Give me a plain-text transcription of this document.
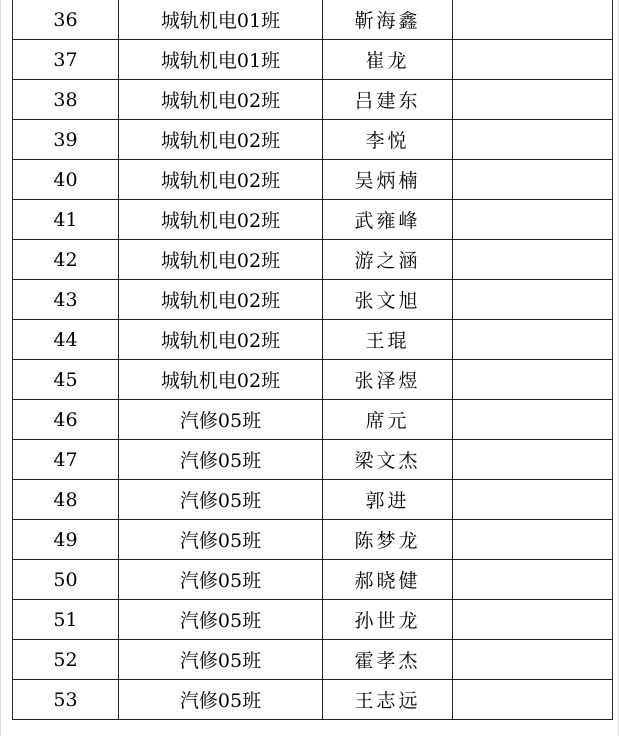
36	城轨机电01班	靳海鑫	
37	城轨机电01班	崔龙	
38	城轨机电02班	吕建东	
39	城轨机电02班	李悦	
40	城轨机电02班	吴炳楠	
41	城轨机电02班	武雍峰	
42	城轨机电02班	游之涵	
43	城轨机电02班	张文旭	
44	城轨机电02班	王琨	
45	城轨机电02班	张泽煜	
46	汽修05班	席元	
47	汽修05班	梁文杰	
48	汽修05班	郭进	
49	汽修05班	陈梦龙	
50	汽修05班	郝晓健	
51	汽修05班	孙世龙	
52	汽修05班	霍孝杰	
53	汽修05班	王志远	
